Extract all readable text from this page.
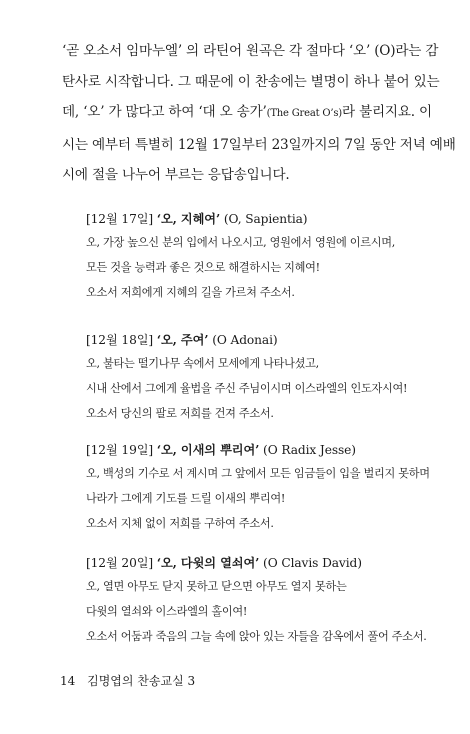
‘곧 오소서 임마누엘’ 의 라틴어 원곡은 각 절마다 ‘오’ (O)라는 감

탄사로 시작합니다. 그 때문에 이 찬송에는 별명이 하나 붙어 있는

데, ‘오’ 가 많다고 하여 ‘대 오 송가’(The Great O’s)라 불리지요. 이

시는 예부터 특별히 12월 17일부터 23일까지의 7일 동안 저녁 예배

시에 절을 나누어 부르는 응답송입니다.

[12월 17일] ‘오, 지혜여’ (O, Sapientia)
오, 가장 높으신 분의 입에서 나오시고, 영원에서 영원에 이르시며,
모든 것을 능력과 좋은 것으로 해결하시는 지혜여!
오소서 저희에게 지혜의 길을 가르쳐 주소서.
[12월 18일] ‘오, 주여’ (O Adonai)
오, 불타는 떨기나무 속에서 모세에게 나타나셨고,
시내 산에서 그에게 율법을 주신 주님이시며 이스라엘의 인도자시여!
오소서 당신의 팔로 저희를 건져 주소서.
[12월 19일] ‘오, 이새의 뿌리여’ (O Radix Jesse)
오, 백성의 기수로 서 계시며 그 앞에서 모든 임금들이 입을 벌리지 못하며
나라가 그에게 기도를 드릴 이새의 뿌리여!
오소서 지체 없이 저희를 구하여 주소서.
[12월 20일] ‘오, 다윗의 열쇠여’ (O Clavis David)
오, 열면 아무도 닫지 못하고 닫으면 아무도 열지 못하는
다윗의 열쇠와 이스라엘의 홀이여!
오소서 어둠과 죽음의 그늘 속에 앉아 있는 자들을 감옥에서 풀어 주소서.
14 김명엽의 찬송교실 3
